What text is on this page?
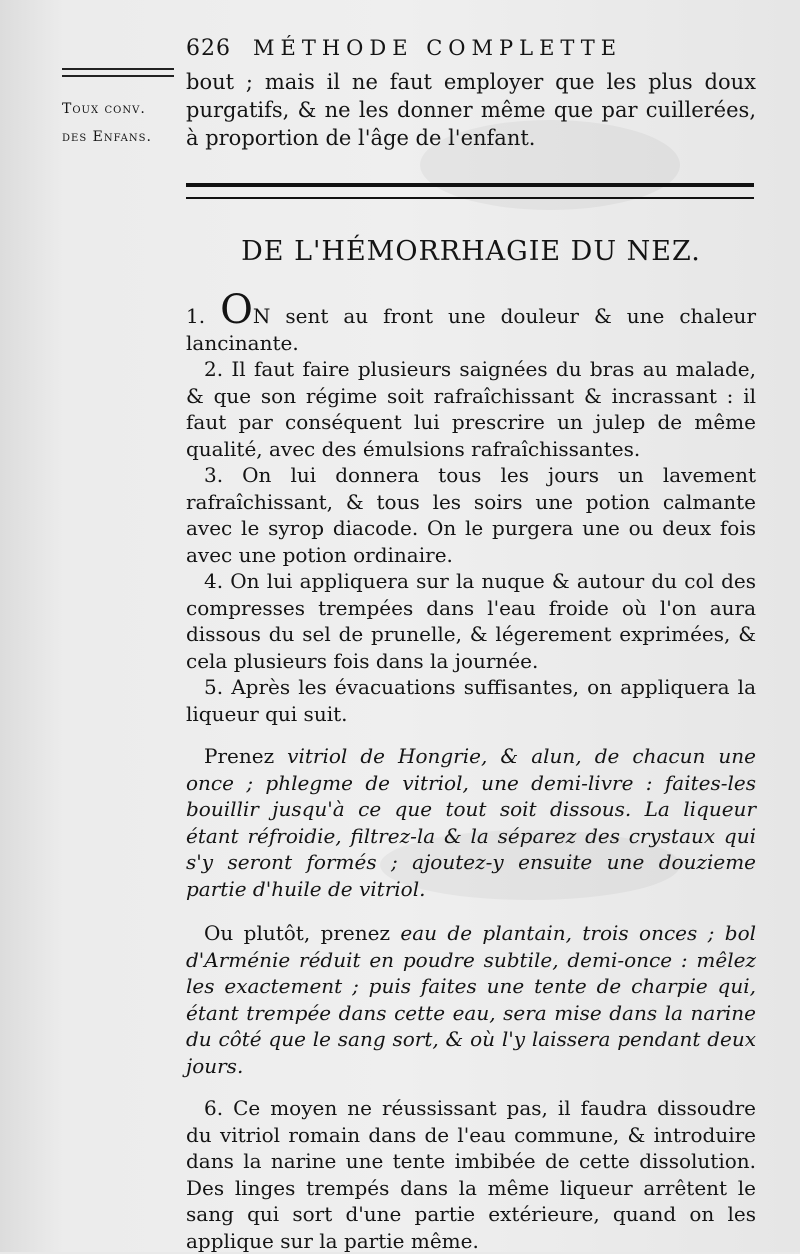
626 MÉTHODE COMPLETTE
Toux conv.
des Enfans.

bout ; mais il ne faut employer que les plus doux purgatifs, & ne les donner même que par cuillerées, à proportion de l'âge de l'enfant.

DE L'HÉMORRHAGIE DU NEZ.

1. ON sent au front une douleur & une chaleur lancinante.

2. Il faut faire plusieurs saignées du bras au malade, & que son régime soit rafraîchissant & incrassant : il faut par conséquent lui prescrire un julep de même qualité, avec des émulsions rafraîchissantes.

3. On lui donnera tous les jours un lavement rafraîchissant, & tous les soirs une potion calmante avec le syrop diacode. On le purgera une ou deux fois avec une potion ordinaire.

4. On lui appliquera sur la nuque & autour du col des compresses trempées dans l'eau froide où l'on aura dissous du sel de prunelle, & légerement exprimées, & cela plusieurs fois dans la journée.

5. Après les évacuations suffisantes, on appliquera la liqueur qui suit.

Prenez vitriol de Hongrie, & alun, de chacun une once ; phlegme de vitriol, une demi-livre : faites-les bouillir jusqu'à ce que tout soit dissous. La liqueur étant réfroidie, filtrez-la & la séparez des crystaux qui s'y seront formés ; ajoutez-y ensuite une douzieme partie d'huile de vitriol.

Ou plutôt, prenez eau de plantain, trois onces ; bol d'Arménie réduit en poudre subtile, demi-once : mêlez les exactement ; puis faites une tente de charpie qui, étant trempée dans cette eau, sera mise dans la narine du côté que le sang sort, & où l'y laissera pendant deux jours.

6. Ce moyen ne réussissant pas, il faudra dissoudre du vitriol romain dans de l'eau commune, & introduire dans la narine une tente imbibée de cette dissolution. Des linges trempés dans la même liqueur arrêtent le sang qui sort d'une partie extérieure, quand on les applique sur la partie même.
